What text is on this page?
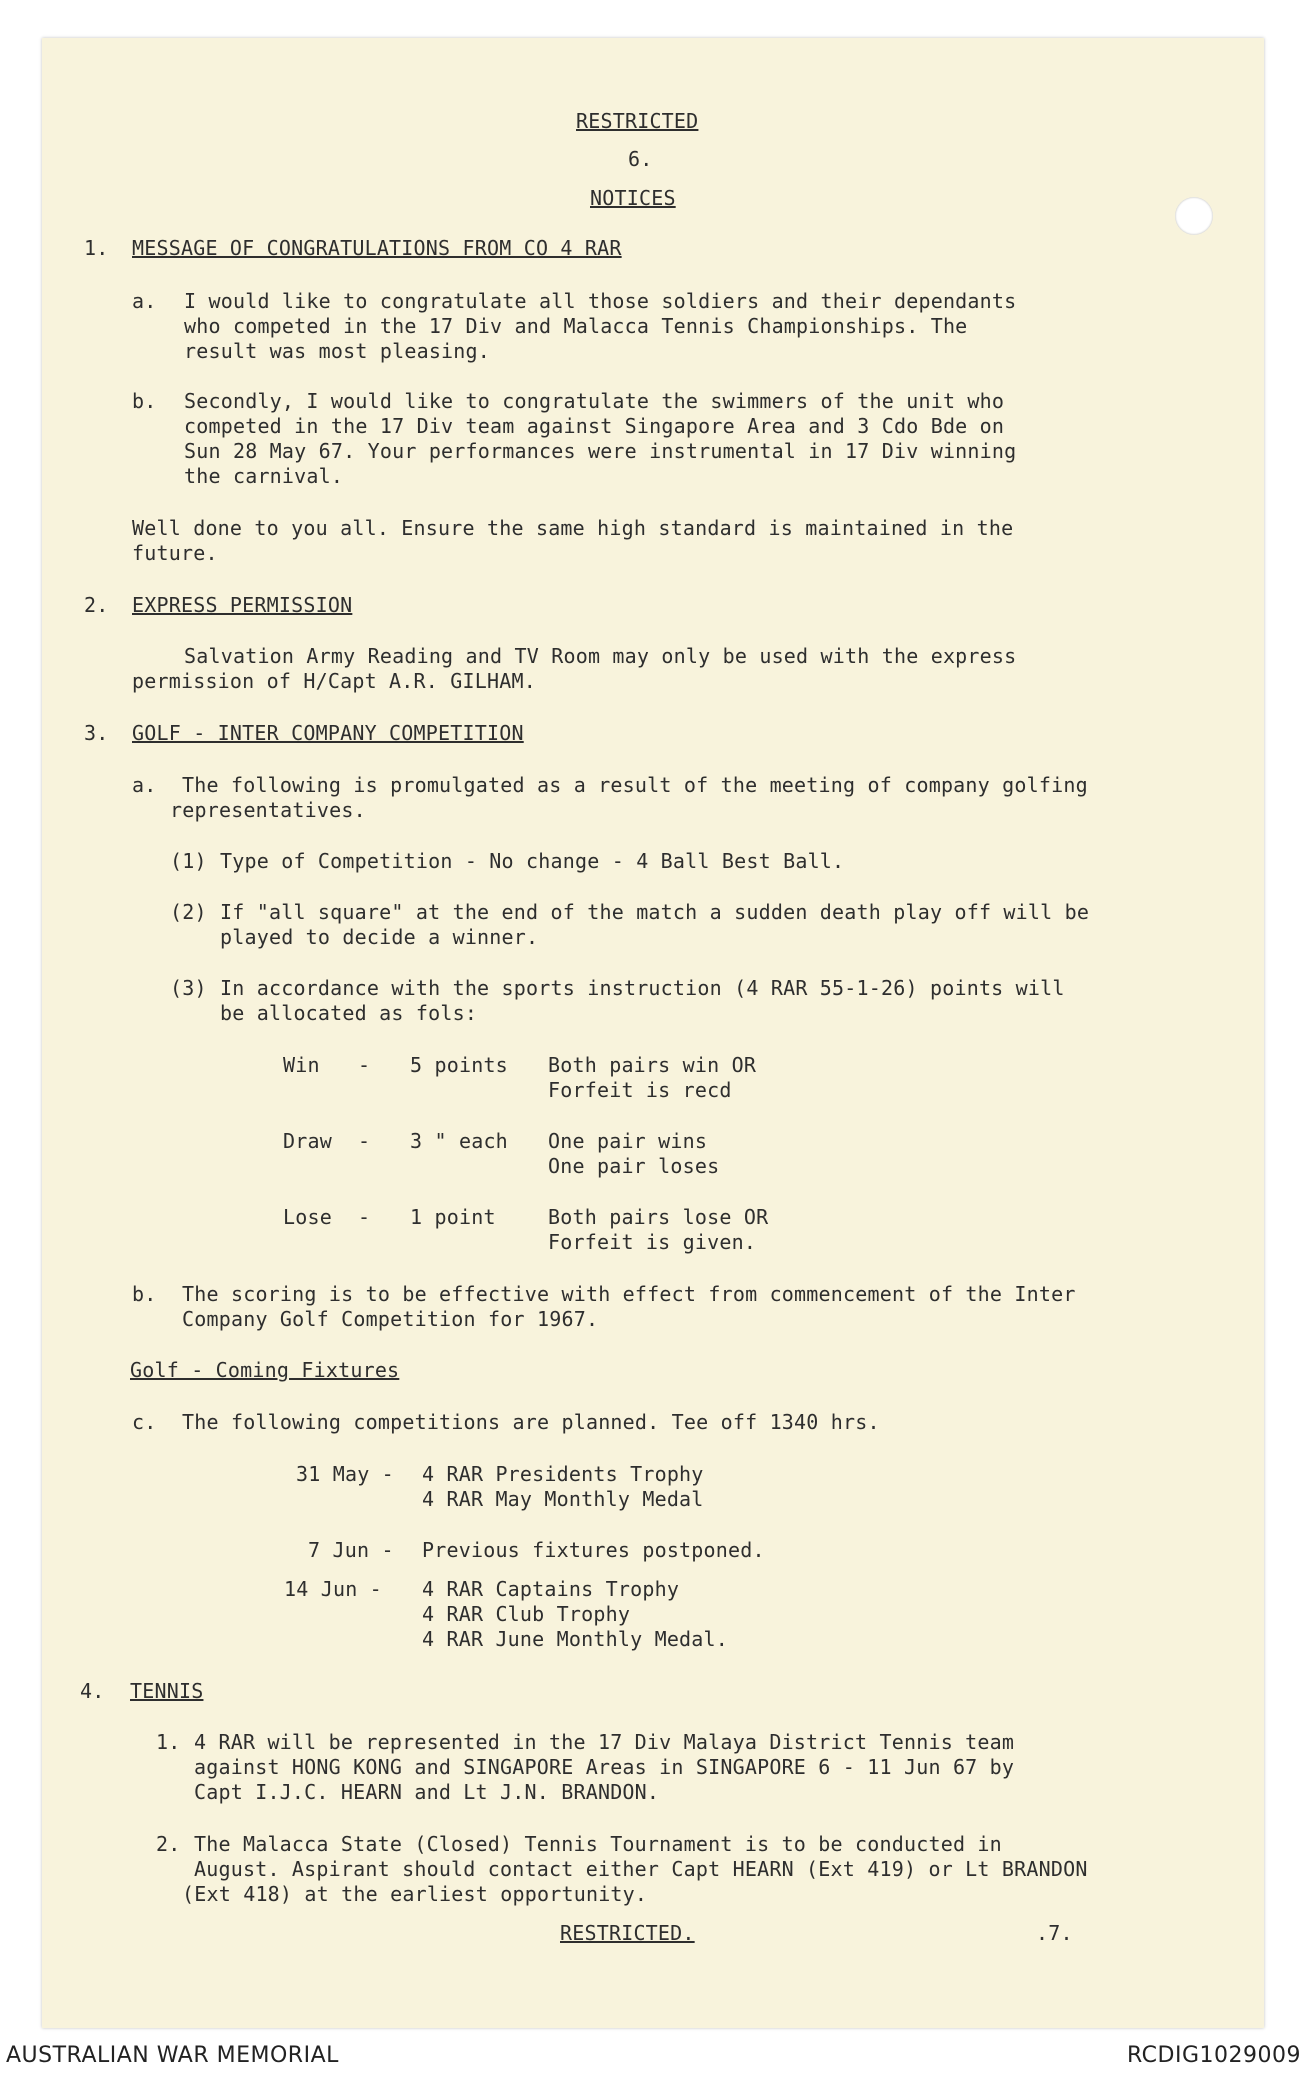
RESTRICTED
6.
NOTICES
1. MESSAGE OF CONGRATULATIONS FROM CO 4 RAR
a. I would like to congratulate all those soldiers and their dependants
who competed in the 17 Div and Malacca Tennis Championships. The
result was most pleasing.
b. Secondly, I would like to congratulate the swimmers of the unit who
competed in the 17 Div team against Singapore Area and 3 Cdo Bde on
Sun 28 May 67. Your performances were instrumental in 17 Div winning
the carnival.
Well done to you all. Ensure the same high standard is maintained in the
future.
2. EXPRESS PERMISSION
Salvation Army Reading and TV Room may only be used with the express
permission of H/Capt A.R. GILHAM.
3. GOLF - INTER COMPANY COMPETITION
a. The following is promulgated as a result of the meeting of company golfing
representatives.
(1) Type of Competition - No change - 4 Ball Best Ball.
(2) If "all square" at the end of the match a sudden death play off will be
played to decide a winner.
(3) In accordance with the sports instruction (4 RAR 55-1-26) points will
be allocated as fols:
Win - 5 points Both pairs win OR
Forfeit is recd
Draw - 3 " each One pair wins
One pair loses
Lose - 1 point	Both pairs lose OR
Forfeit is given.
b. The scoring is to be effective with effect from commencement of the Inter
Company Golf Competition for 1967.
Golf - Coming Fixtures
c. The following competitions are planned. Tee off 1340 hrs.
31 May - 4 RAR Presidents Trophy
4 RAR May Monthly Medal
7 Jun - Previous fixtures postponed.
14 Jun - 4 RAR Captains Trophy
4 RAR Club Trophy
4 RAR June Monthly Medal.
4. TENNIS
1. 4 RAR will be represented in the 17 Div Malaya District Tennis team
against HONG KONG and SINGAPORE Areas in SINGAPORE 6 - 11 Jun 67 by
Capt I.J.C. HEARN and Lt J.N. BRANDON.
2. The Malacca State (Closed) Tennis Tournament is to be conducted in
August. Aspirant should contact either Capt HEARN (Ext 419) or Lt BRANDON
(Ext 418) at the earliest opportunity.
RESTRICTED.	.7.
AUSTRALIAN WAR MEMORIAL	RCDIG1029009
